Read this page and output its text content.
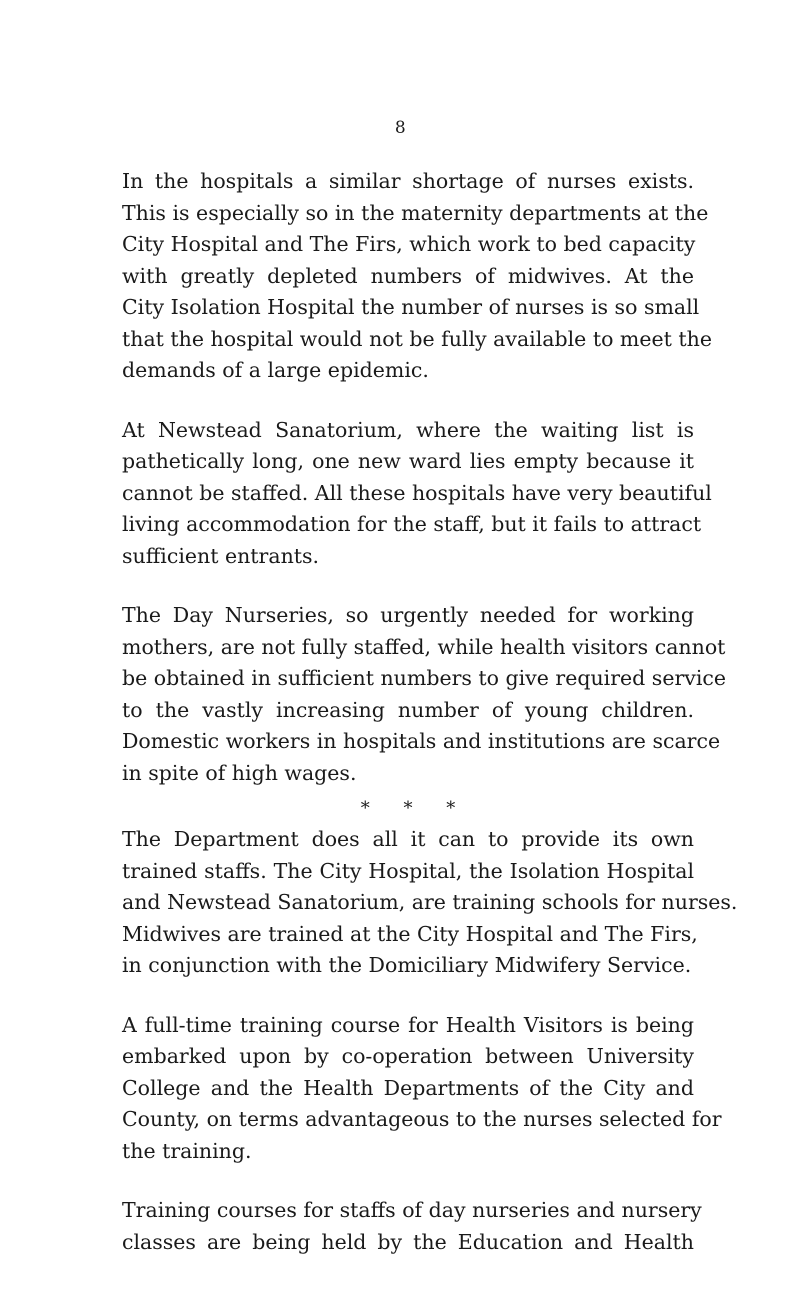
8

In the hospitals a similar shortage of nurses exists.
This is especially so in the maternity departments at the
City Hospital and The Firs, which work to bed capacity
with greatly depleted numbers of midwives. At the
City Isolation Hospital the number of nurses is so small
that the hospital would not be fully available to meet the
demands of a large epidemic.

At Newstead Sanatorium, where the waiting list is
pathetically long, one new ward lies empty because it
cannot be staffed. All these hospitals have very beautiful
living accommodation for the staff, but it fails to attract
sufficient entrants.

The Day Nurseries, so urgently needed for working
mothers, are not fully staffed, while health visitors cannot
be obtained in sufficient numbers to give required service
to the vastly increasing number of young children.
Domestic workers in hospitals and institutions are scarce
in spite of high wages.

* * *

The Department does all it can to provide its own
trained staffs. The City Hospital, the Isolation Hospital
and Newstead Sanatorium, are training schools for nurses.
Midwives are trained at the City Hospital and The Firs,
in conjunction with the Domiciliary Midwifery Service.

A full-time training course for Health Visitors is being
embarked upon by co-operation between University
College and the Health Departments of the City and
County, on terms advantageous to the nurses selected for
the training.

Training courses for staffs of day nurseries and nursery
classes are being held by the Education and Health
